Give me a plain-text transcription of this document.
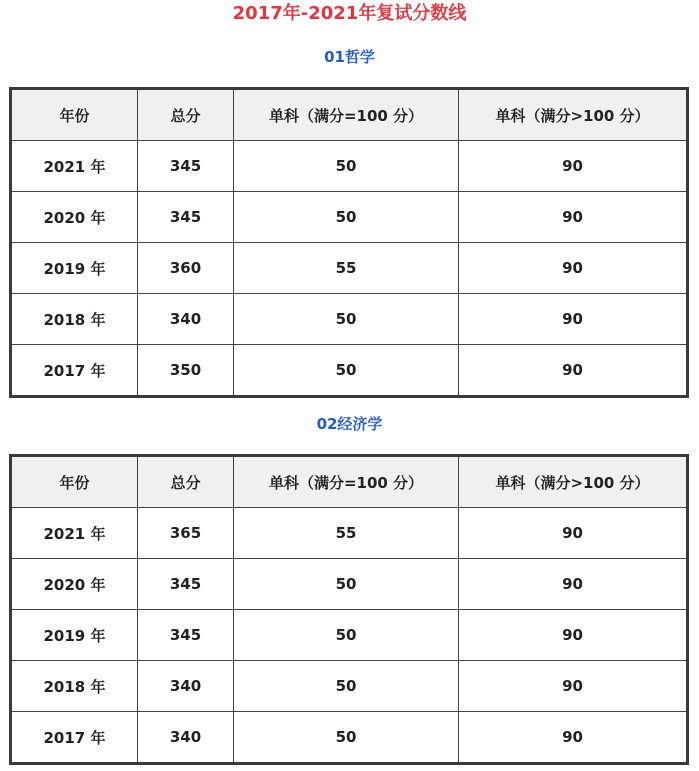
2017年-2021年复试分数线
01哲学
年份	总分	单科（满分=100 分）	单科（满分>100 分）
2021 年	345	50	90
2020 年	345	50	90
2019 年	360	55	90
2018 年	340	50	90
2017 年	350	50	90
02经济学
年份	总分	单科（满分=100 分）	单科（满分>100 分）
2021 年	365	55	90
2020 年	345	50	90
2019 年	345	50	90
2018 年	340	50	90
2017 年	340	50	90
